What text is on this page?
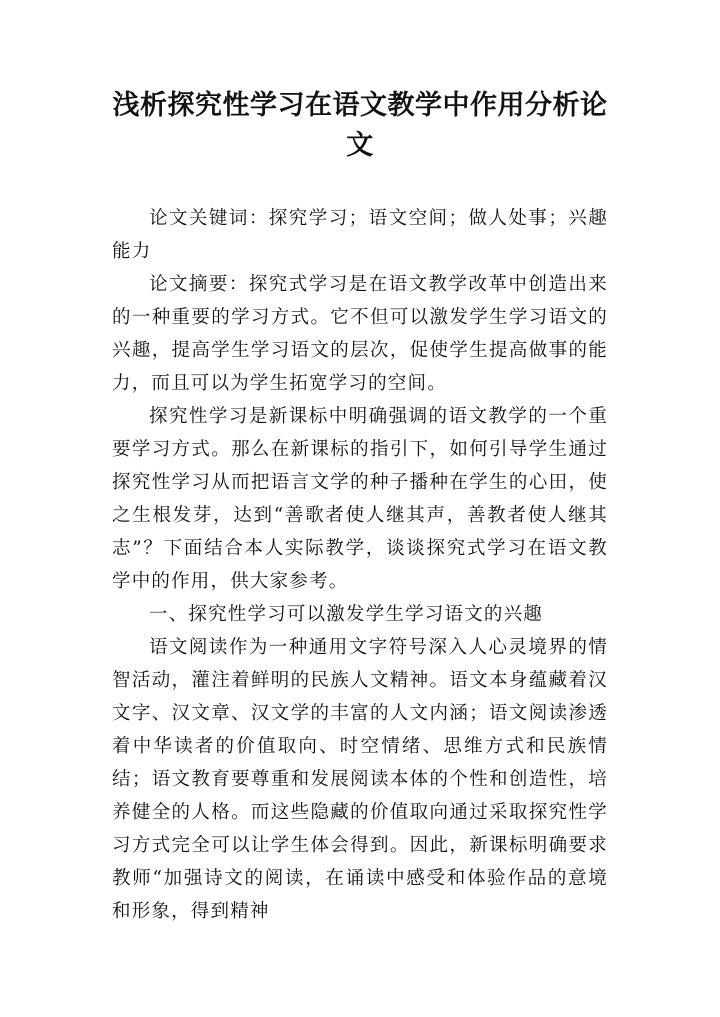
浅析探究性学习在语文教学中作用分析论文

论文关键词：探究学习；语文空间；做人处事；兴趣能力

论文摘要：探究式学习是在语文教学改革中创造出来的一种重要的学习方式。它不但可以激发学生学习语文的兴趣，提高学生学习语文的层次，促使学生提高做事的能力，而且可以为学生拓宽学习的空间。

探究性学习是新课标中明确强调的语文教学的一个重要学习方式。那么在新课标的指引下，如何引导学生通过探究性学习从而把语言文学的种子播种在学生的心田，使之生根发芽，达到“善歌者使人继其声，善教者使人继其志”？下面结合本人实际教学，谈谈探究式学习在语文教学中的作用，供大家参考。

一、探究性学习可以激发学生学习语文的兴趣

语文阅读作为一种通用文字符号深入人心灵境界的情智活动，灌注着鲜明的民族人文精神。语文本身蕴藏着汉文字、汉文章、汉文学的丰富的人文内涵；语文阅读渗透着中华读者的价值取向、时空情绪、思维方式和民族情结；语文教育要尊重和发展阅读本体的个性和创造性，培养健全的人格。而这些隐藏的价值取向通过采取探究性学习方式完全可以让学生体会得到。因此，新课标明确要求教师“加强诗文的阅读，在诵读中感受和体验作品的意境和形象，得到精神
